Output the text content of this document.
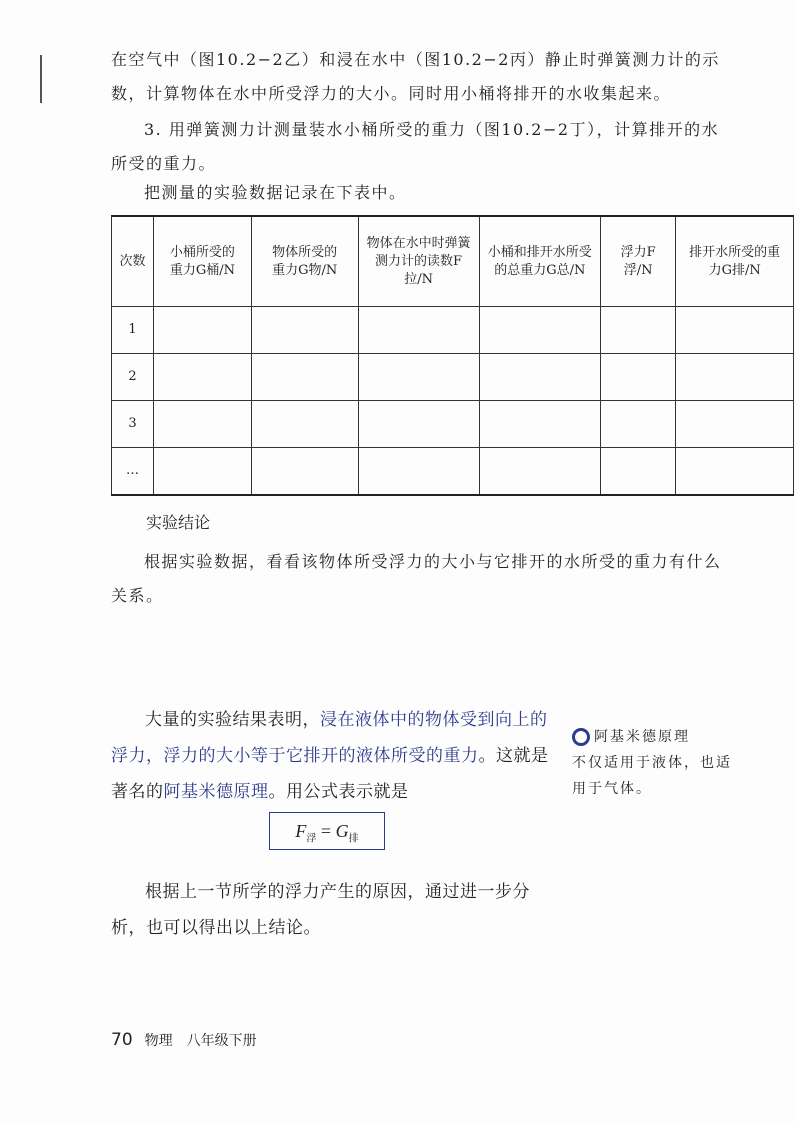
在空气中（图10.2−2乙）和浸在水中（图10.2−2丙）静止时弹簧测力计的示数，计算物体在水中所受浮力的大小。同时用小桶将排开的水收集起来。
3. 用弹簧测力计测量装水小桶所受的重力（图10.2−2丁），计算排开的水所受的重力。
把测量的实验数据记录在下表中。
次数	小桶所受的重力G桶/N	物体所受的重力G物/N	物体在水中时弹簧测力计的读数F拉/N	小桶和排开水所受的总重力G总/N	浮力F浮/N	排开水所受的重力G排/N
1						
2						
3						
…						
实验结论
根据实验数据，看看该物体所受浮力的大小与它排开的水所受的重力有什么关系。
大量的实验结果表明，浸在液体中的物体受到向上的浮力，浮力的大小等于它排开的液体所受的重力。这就是著名的阿基米德原理。用公式表示就是
$F_浮 = G_排$
根据上一节所学的浮力产生的原因，通过进一步分析，也可以得出以上结论。
阿基米德原理
不仅适用于液体，也适用于气体。
70 物理　八年级下册
